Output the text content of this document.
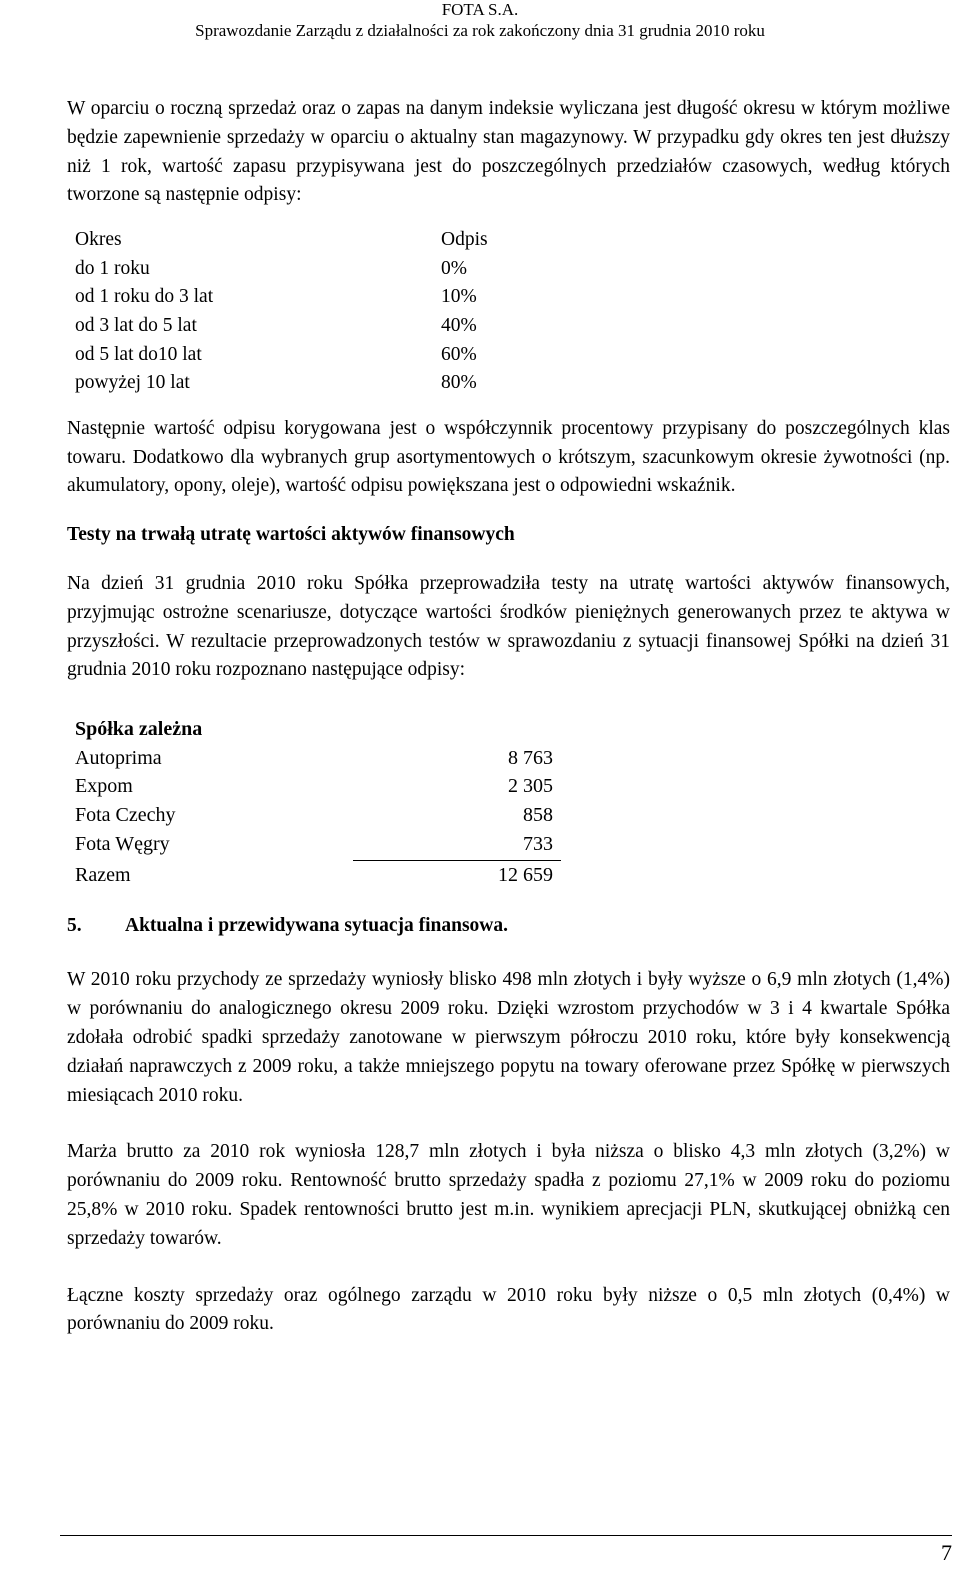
FOTA S.A.
Sprawozdanie Zarządu z działalności za rok zakończony dnia 31 grudnia 2010 roku

W oparciu o roczną sprzedaż oraz o zapas na danym indeksie wyliczana jest długość okresu w którym możliwe będzie zapewnienie sprzedaży w oparciu o aktualny stan magazynowy. W przypadku gdy okres ten jest dłuższy niż 1 rok, wartość zapasu przypisywana jest do poszczególnych przedziałów czasowych, według których tworzone są następnie odpisy:

Okres	Odpis
do 1 roku	0%
od 1 roku do 3 lat	10%
od 3 lat do 5 lat	40%
od 5 lat do10 lat	60%
powyżej 10 lat	80%

Następnie wartość odpisu korygowana jest o współczynnik procentowy przypisany do poszczególnych klas towaru. Dodatkowo dla wybranych grup asortymentowych o krótszym, szacunkowym okresie żywotności (np. akumulatory, opony, oleje), wartość odpisu powiększana jest o odpowiedni wskaźnik.

Testy na trwałą utratę wartości aktywów finansowych

Na dzień 31 grudnia 2010 roku Spółka przeprowadziła testy na utratę wartości aktywów finansowych, przyjmując ostrożne scenariusze, dotyczące wartości środków pieniężnych generowanych przez te aktywa w przyszłości. W rezultacie przeprowadzonych testów w sprawozdaniu z sytuacji finansowej Spółki na dzień 31 grudnia 2010 roku rozpoznano następujące odpisy:

Spółka zależna
Autoprima	8 763
Expom	2 305
Fota Czechy	858
Fota Węgry	733
Razem	12 659
5.	Aktualna i przewidywana sytuacja finansowa.

W 2010 roku przychody ze sprzedaży wyniosły blisko 498 mln złotych i były wyższe o 6,9 mln złotych (1,4%) w porównaniu do analogicznego okresu 2009 roku. Dzięki wzrostom przychodów w 3 i 4 kwartale Spółka zdołała odrobić spadki sprzedaży zanotowane w pierwszym półroczu 2010 roku, które były konsekwencją działań naprawczych z 2009 roku, a także mniejszego popytu na towary oferowane przez Spółkę w pierwszych miesiącach 2010 roku.

Marża brutto za 2010 rok wyniosła 128,7 mln złotych i była niższa o blisko 4,3 mln złotych (3,2%) w porównaniu do 2009 roku. Rentowność brutto sprzedaży spadła z poziomu 27,1% w 2009 roku do poziomu 25,8% w 2010 roku. Spadek rentowności brutto jest m.in. wynikiem aprecjacji PLN, skutkującej obniżką cen sprzedaży towarów.

Łączne koszty sprzedaży oraz ogólnego zarządu w 2010 roku były niższe o 0,5 mln złotych (0,4%) w porównaniu do 2009 roku.

7
